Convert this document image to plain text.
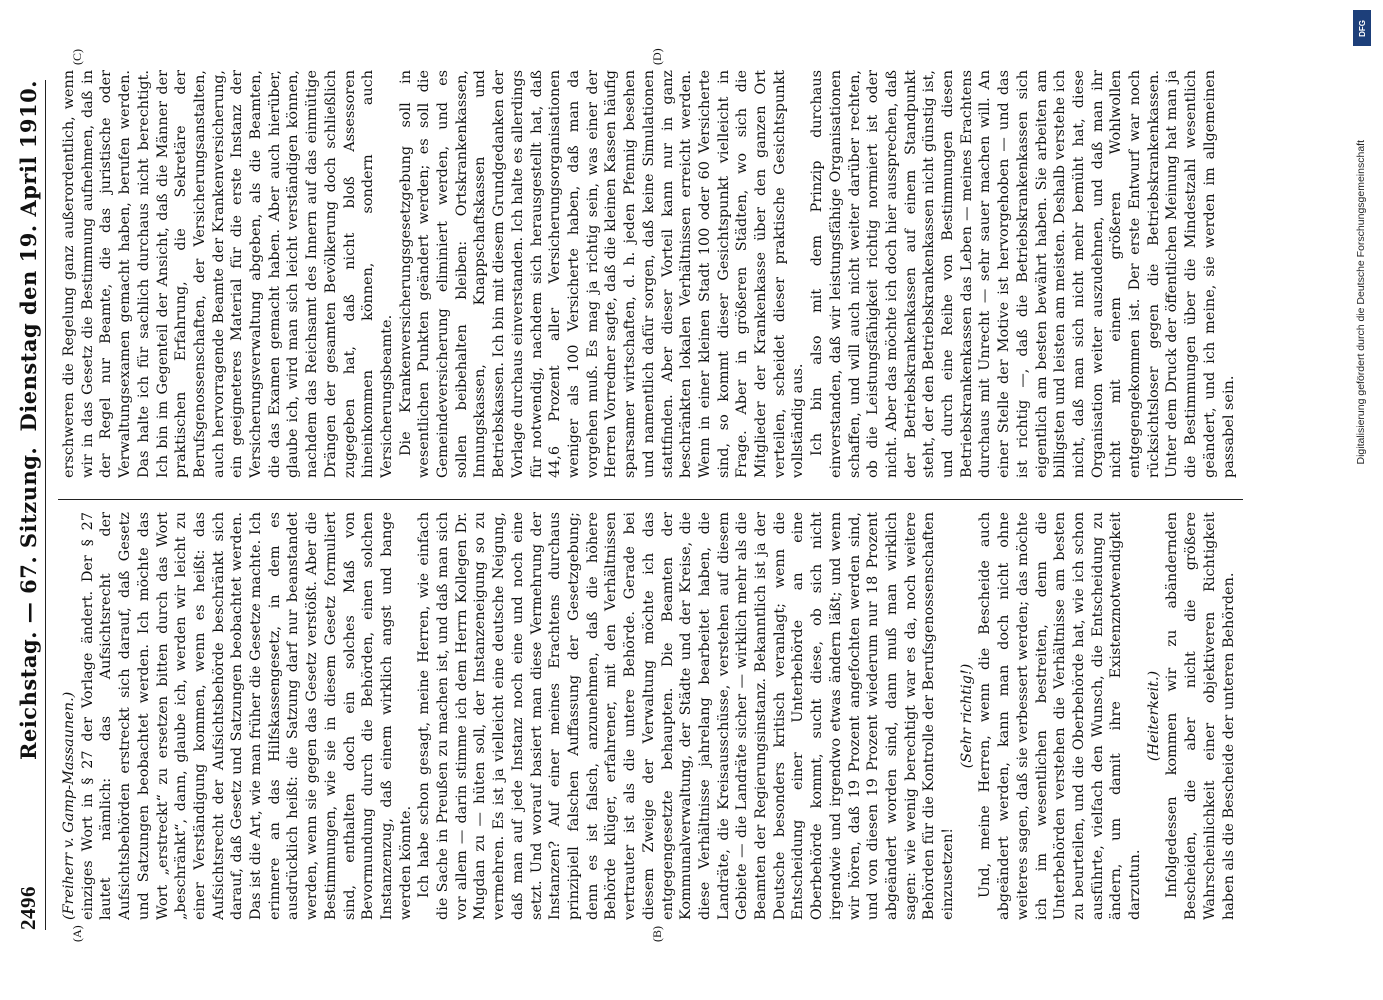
2496
Reichstag. — 67. Sitzung.
Dienstag den 19. April 1910.
(A)	(B)
(C)	(D)

(Freiherr v. Gamp-Massaunen.) einziges Wort in § 27 der Vorlage ändert. Der § 27 lautet nämlich: das Aufsichtsrecht der Aufsichtsbehörden erstreckt sich darauf, daß Gesetz und Satzungen beobachtet werden. Ich möchte das Wort „erstreckt“ zu ersetzen bitten durch das Wort „beschränkt“, dann, glaube ich, werden wir leicht zu einer Verständigung kommen, wenn es heißt: das Aufsichtsrecht der Aufsichtsbehörde beschränkt sich darauf, daß Gesetz und Satzungen beobachtet werden. Das ist die Art, wie man früher die Gesetze machte. Ich erinnere an das Hilfskassengesetz, in dem es ausdrücklich heißt: die Satzung darf nur beanstandet werden, wenn sie gegen das Gesetz verstößt. Aber die Bestimmungen, wie sie in diesem Gesetz formuliert sind, enthalten doch ein solches Maß von Bevormundung durch die Behörden, einen solchen Instanzenzug, daß einem wirklich angst und bange werden könnte. Ich habe schon gesagt, meine Herren, wie einfach die Sache in Preußen zu machen ist, und daß man sich vor allem — darin stimme ich dem Herrn Kollegen Dr. Mugdan zu — hüten soll, der Instanzeneigung so zu vermehren. Es ist ja vielleicht eine deutsche Neigung, daß man auf jede Instanz noch eine und noch eine setzt. Und worauf basiert man diese Vermehrung der Instanzen? Auf einer meines Erachtens durchaus prinzipiell falschen Auffassung der Gesetzgebung; denn es ist falsch, anzunehmen, daß die höhere Behörde klüger, erfahrener, mit den Verhältnissen vertrauter ist als die untere Behörde. Gerade bei diesem Zweige der Verwaltung möchte ich das entgegengesetzte behaupten. Die Beamten der Kommunalverwaltung, der Städte und der Kreise, die diese Verhältnisse jahrelang bearbeitet haben, die Landräte, die Kreisausschüsse, verstehen auf diesem Gebiete — die Landräte sicher — wirklich mehr als die Beamten der Regierungsinstanz. Bekanntlich ist ja der Deutsche besonders kritisch veranlagt; wenn die Entscheidung einer Unterbehörde an eine Oberbehörde kommt, sucht diese, ob sich nicht irgendwie und irgendwo etwas ändern läßt; und wenn wir hören, daß 19 Prozent angefochten werden sind, und von diesen 19 Prozent wiederum nur 18 Prozent abgeändert worden sind, dann muß man wirklich sagen: wie wenig berechtigt war es da, noch weitere Behörden für die Kontrolle der Berufsgenossenschaften einzusetzen!

(Sehr richtig!) Und, meine Herren, wenn die Bescheide auch abgeändert werden, kann man doch nicht ohne weiteres sagen, daß sie verbessert werden; das möchte ich im wesentlichen bestreiten, denn die Unterbehörden verstehen die Verhältnisse am besten zu beurteilen, und die Oberbehörde hat, wie ich schon ausführte, vielfach den Wunsch, die Entscheidung zu ändern, um damit ihre Existenznotwendigkeit darzutun.

(Heiterkeit.) Infolgedessen kommen wir zu abändernden Bescheiden, die aber nicht die größere Wahrscheinlichkeit einer objektiveren Richtigkeit haben als die Bescheide der unteren Behörden.

erschweren die Regelung ganz außerordentlich, wenn wir in das Gesetz die Bestimmung aufnehmen, daß in der Regel nur Beamte, die das juristische oder Verwaltungsexamen gemacht haben, berufen werden. Das halte ich für sachlich durchaus nicht berechtigt. Ich bin im Gegenteil der Ansicht, daß die Männer der praktischen Erfahrung, die Sekretäre der Berufsgenossenschaften, der Versicherungsanstalten, auch hervorragende Beamte der Krankenversicherung, ein geeigneteres Material für die erste Instanz der Versicherungsverwaltung abgeben, als die Beamten, die das Examen gemacht haben. Aber auch hierüber, glaube ich, wird man sich leicht verständigen können, nachdem das Reichsamt des Innern auf das einmütige Drängen der gesamten Bevölkerung doch schließlich zugegeben hat, daß nicht bloß Assessoren hineinkommen können, sondern auch Versicherungsbeamte. Die Krankenversicherungsgesetzgebung soll in wesentlichen Punkten geändert werden; es soll die Gemeindeversicherung eliminiert werden, und es sollen beibehalten bleiben: Ortskrankenkassen, Innungskassen, Knappschaftskassen und Betriebskassen. Ich bin mit diesem Grundgedanken der Vorlage durchaus einverstanden. Ich halte es allerdings für notwendig, nachdem sich herausgestellt hat, daß 44,6 Prozent aller Versicherungsorganisationen weniger als 100 Versicherte haben, daß man da vorgehen muß. Es mag ja richtig sein, was einer der Herren Vorredner sagte, daß die kleinen Kassen häufig sparsamer wirtschaften, d. h. jeden Pfennig besehen und namentlich dafür sorgen, daß keine Simulationen stattfinden. Aber dieser Vorteil kann nur in ganz beschränkten lokalen Verhältnissen erreicht werden. Wenn in einer kleinen Stadt 100 oder 60 Versicherte sind, so kommt dieser Gesichtspunkt vielleicht in Frage. Aber in größeren Städten, wo sich die Mitglieder der Krankenkasse über den ganzen Ort verteilen, scheidet dieser praktische Gesichtspunkt vollständig aus. Ich bin also mit dem Prinzip durchaus einverstanden, daß wir leistungsfähige Organisationen schaffen, und will auch nicht weiter darüber rechten, ob die Leistungsfähigkeit richtig normiert ist oder nicht. Aber das möchte ich doch hier aussprechen, daß der Betriebskrankenkassen auf einem Standpunkt steht, der den Betriebskrankenkassen nicht günstig ist, und durch eine Reihe von Bestimmungen diesen Betriebskrankenkassen das Leben — meines Erachtens durchaus mit Unrecht — sehr sauer machen will. An einer Stelle der Motive ist hervorgehoben — und das ist richtig —, daß die Betriebskrankenkassen sich eigentlich am besten bewährt haben. Sie arbeiten am billigsten und leisten am meisten. Deshalb verstehe ich nicht, daß man sich nicht mehr bemüht hat, diese Organisation weiter auszudehnen, und daß man ihr nicht mit einem größeren Wohlwollen entgegengekommen ist. Der erste Entwurf war noch rücksichtsloser gegen die Betriebskrankenkassen. Unter dem Druck der öffentlichen Meinung hat man ja die Bestimmungen über die Mindestzahl wesentlich geändert, und ich meine, sie werden im allgemeinen passabel sein.

DFG
Digitalisierung gefördert durch die Deutsche Forschungsgemeinschaft
